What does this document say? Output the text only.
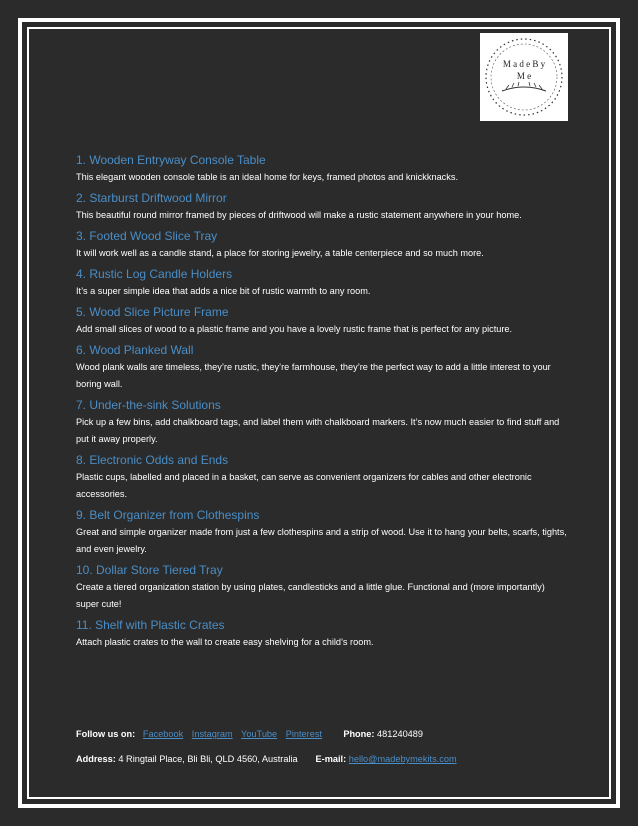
M a d e B y
M e

1. Wooden Entryway Console Table

This elegant wooden console table is an ideal home for keys, framed photos and knickknacks.

2. Starburst Driftwood Mirror

This beautiful round mirror framed by pieces of driftwood will make a rustic statement anywhere in your home.

3. Footed Wood Slice Tray

It will work well as a candle stand, a place for storing jewelry, a table centerpiece and so much more.

4. Rustic Log Candle Holders

It’s a super simple idea that adds a nice bit of rustic warmth to any room.

5. Wood Slice Picture Frame

Add small slices of wood to a plastic frame and you have a lovely rustic frame that is perfect for any picture.

6. Wood Planked Wall

Wood plank walls are timeless, they’re rustic, they’re farmhouse, they’re the perfect way to add a little interest to your boring wall.

7. Under-the-sink Solutions

Pick up a few bins, add chalkboard tags, and label them with chalkboard markers. It’s now much easier to find stuff and put it away properly.

8. Electronic Odds and Ends

Plastic cups, labelled and placed in a basket, can serve as convenient organizers for cables and other electronic accessories.

9. Belt Organizer from Clothespins

Great and simple organizer made from just a few clothespins and a strip of wood. Use it to hang your belts, scarfs, tights, and even jewelry.

10. Dollar Store Tiered Tray

Create a tiered organization station by using plates, candlesticks and a little glue. Functional and (more importantly) super cute!

11. Shelf with Plastic Crates

Attach plastic crates to the wall to create easy shelving for a child’s room.

Follow us on: Facebook Instagram YouTube Pinterest Phone: 481240489
Address: 4 Ringtail Place, Bli Bli, QLD 4560, Australia E-mail: hello@madebymekits.com
